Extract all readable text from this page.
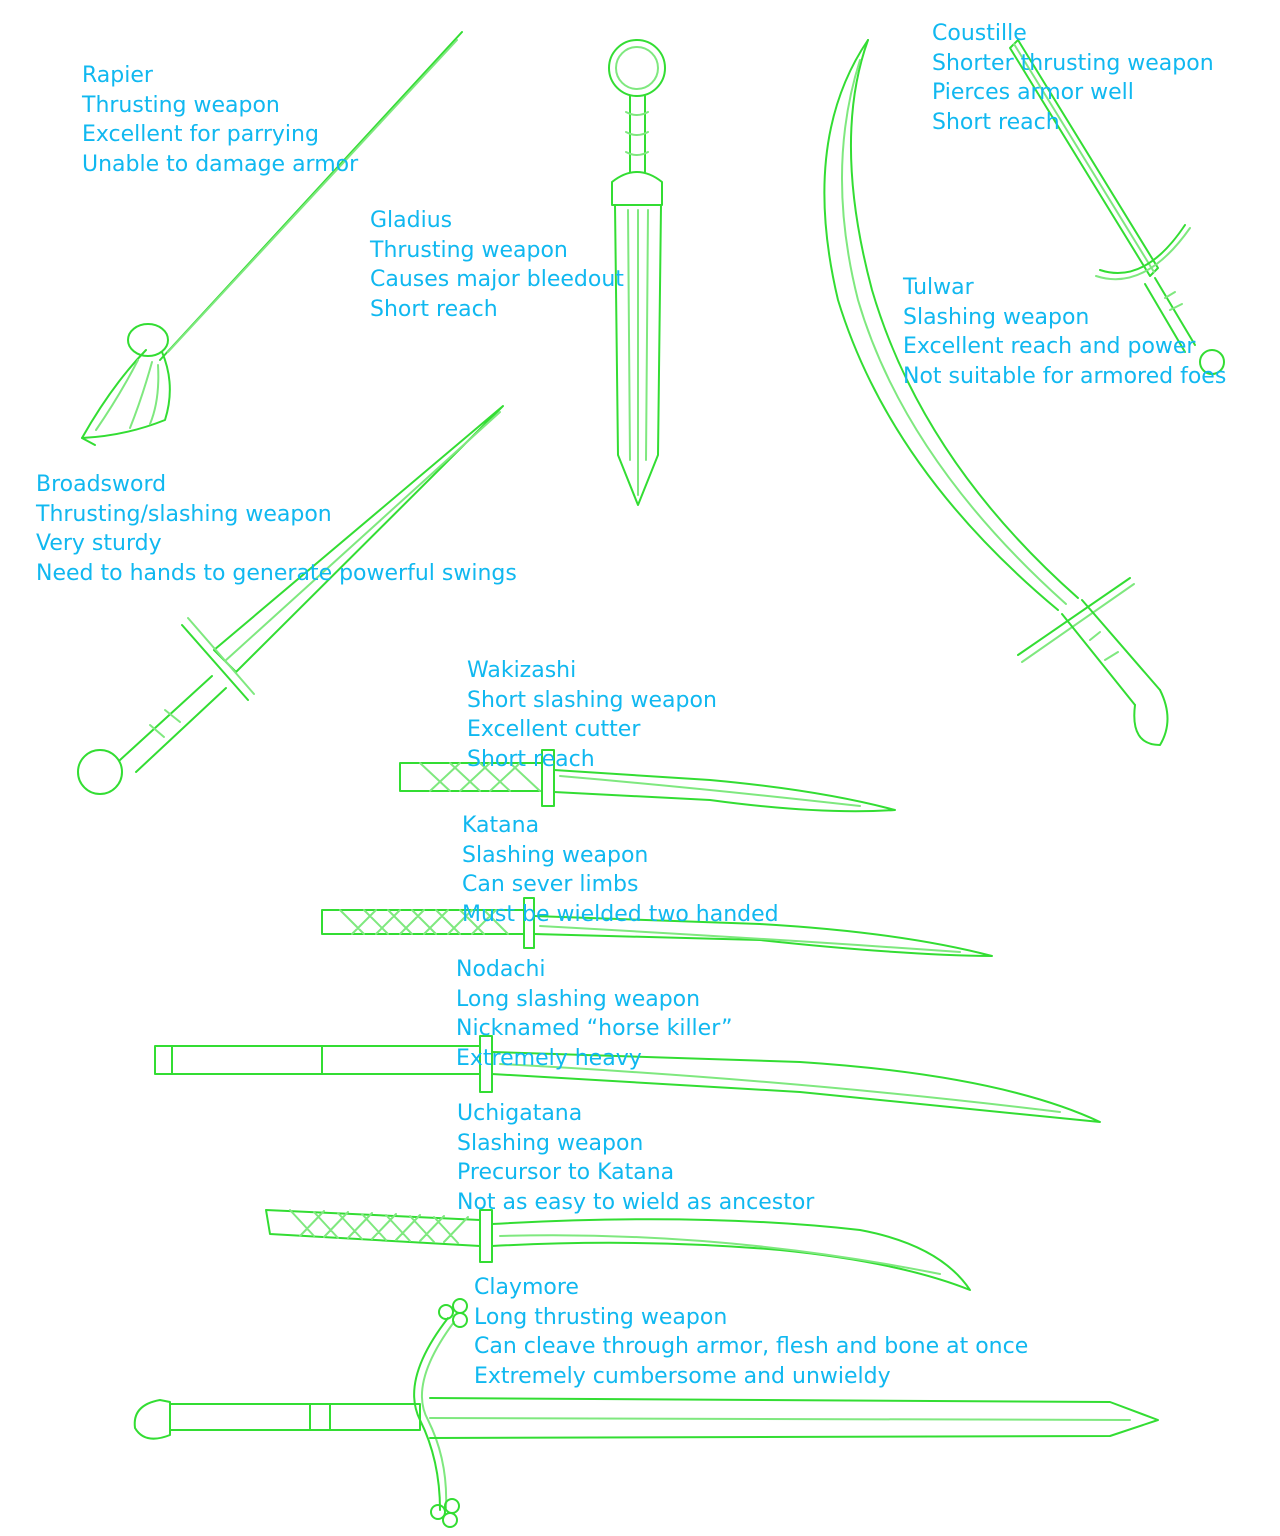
Rapier
Thrusting weapon
Excellent for parrying
Unable to damage armor
Gladius
Thrusting weapon
Causes major bleedout
Short reach
Coustille
Shorter thrusting weapon
Pierces armor well
Short reach
Tulwar
Slashing weapon
Excellent reach and power
Not suitable for armored foes
Broadsword
Thrusting/slashing weapon
Very sturdy
Need to hands to generate powerful swings
Wakizashi
Short slashing weapon
Excellent cutter
Short reach
Katana
Slashing weapon
Can sever limbs
Must be wielded two handed
Nodachi
Long slashing weapon
Nicknamed “horse killer”
Extremely heavy
Uchigatana
Slashing weapon
Precursor to Katana
Not as easy to wield as ancestor
Claymore
Long thrusting weapon
Can cleave through armor, flesh and bone at once
Extremely cumbersome and unwieldy
